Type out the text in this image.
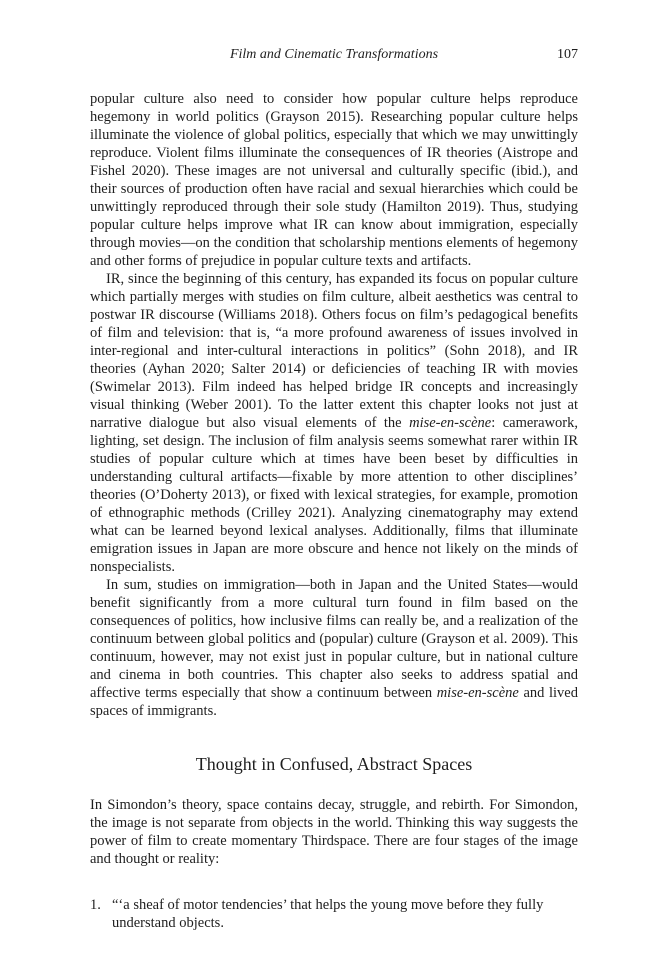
Film and Cinematic Transformations	107

popular culture also need to consider how popular culture helps reproduce hegemony in world politics (Grayson 2015). Researching popular culture helps illuminate the violence of global politics, especially that which we may unwittingly reproduce. Violent films illuminate the consequences of IR theories (Aistrope and Fishel 2020). These images are not universal and culturally specific (ibid.), and their sources of production often have racial and sexual hierarchies which could be unwittingly reproduced through their sole study (Hamilton 2019). Thus, studying popular culture helps improve what IR can know about immigration, especially through movies—on the condition that scholarship mentions elements of hegemony and other forms of prejudice in popular culture texts and artifacts.

IR, since the beginning of this century, has expanded its focus on popular culture which partially merges with studies on film culture, albeit aesthetics was central to postwar IR discourse (Williams 2018). Others focus on film’s pedagogical benefits of film and television: that is, “a more profound awareness of issues involved in inter-regional and inter-cultural interactions in politics” (Sohn 2018), and IR theories (Ayhan 2020; Salter 2014) or deficiencies of teaching IR with movies (Swimelar 2013). Film indeed has helped bridge IR concepts and increasingly visual thinking (Weber 2001). To the latter extent this chapter looks not just at narrative dialogue but also visual elements of the mise-en-scène: camerawork, lighting, set design. The inclusion of film analysis seems somewhat rarer within IR studies of popular culture which at times have been beset by difficulties in understanding cultural artifacts—fixable by more attention to other disciplines’ theories (O’Doherty 2013), or fixed with lexical strategies, for example, promotion of ethnographic methods (Crilley 2021). Analyzing cinematography may extend what can be learned beyond lexical analyses. Additionally, films that illuminate emigration issues in Japan are more obscure and hence not likely on the minds of nonspecialists.

In sum, studies on immigration—both in Japan and the United States—would benefit significantly from a more cultural turn found in film based on the consequences of politics, how inclusive films can really be, and a realization of the continuum between global politics and (popular) culture (Grayson et al. 2009). This continuum, however, may not exist just in popular culture, but in national culture and cinema in both countries. This chapter also seeks to address spatial and affective terms especially that show a continuum between mise-en-scène and lived spaces of immigrants.

Thought in Confused, Abstract Spaces

In Simondon’s theory, space contains decay, struggle, and rebirth. For Simondon, the image is not separate from objects in the world. Thinking this way suggests the power of film to create momentary Thirdspace. There are four stages of the image and thought or reality:

1. “‘a sheaf of motor tendencies’ that helps the young move before they fully understand objects.
